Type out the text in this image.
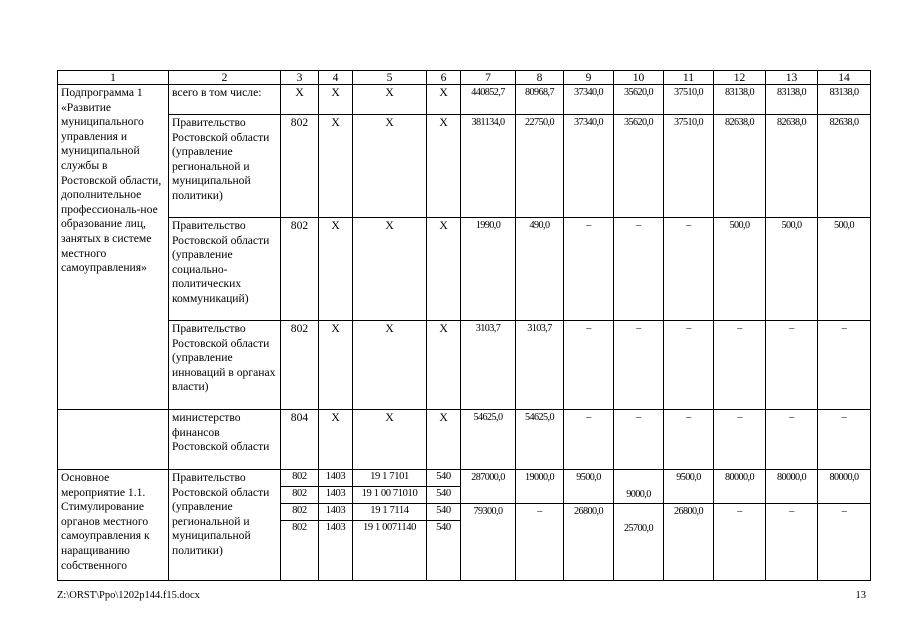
1	2	3	4	5	6	7	8	9	10	11	12	13	14
Подпрограмма 1 «Развитие муниципального управления и муниципальной службы в Ростовской области, дополнительное профессиональ-ное образование лиц, занятых в системе местного самоуправления»	всего в том числе:	Х	Х	Х	Х	440852,7	80968,7	37340,0	35620,0	37510,0	83138,0	83138,0	83138,0
	Правительство Ростовской области (управление региональной и муниципальной политики)	802	Х	Х	Х	381134,0	22750,0	37340,0	35620,0	37510,0	82638,0	82638,0	82638,0
	Правительство Ростовской области (управление социально-политических коммуникаций)	802	Х	Х	Х	1990,0	490,0	–	–	–	500,0	500,0	500,0
	Правительство Ростовской области (управление инноваций в органах власти)	802	Х	Х	Х	3103,7	3103,7	–	–	–	–	–	–
	министерство финансов Ростовской области	804	Х	Х	Х	54625,0	54625,0	–	–	–	–	–	–
Основное мероприятие 1.1. Стимулирование органов местного самоуправления к наращиванию собственного	Правительство Ростовской области (управление региональной и муниципальной политики)	802	1403	19 1 7101	540	287000,0	19000,0	9500,0		9500,0	80000,0	80000,0	80000,0
		802	1403	19 1 00 71010	540				9000,0				
		802	1403	19 1 7114	540	79300,0	–	26800,0		26800,0	–	–	–
		802	1403	19 1 0071140	540				25700,0				
Z:\ORST\Ppo\1202p144.f15.docx	13
